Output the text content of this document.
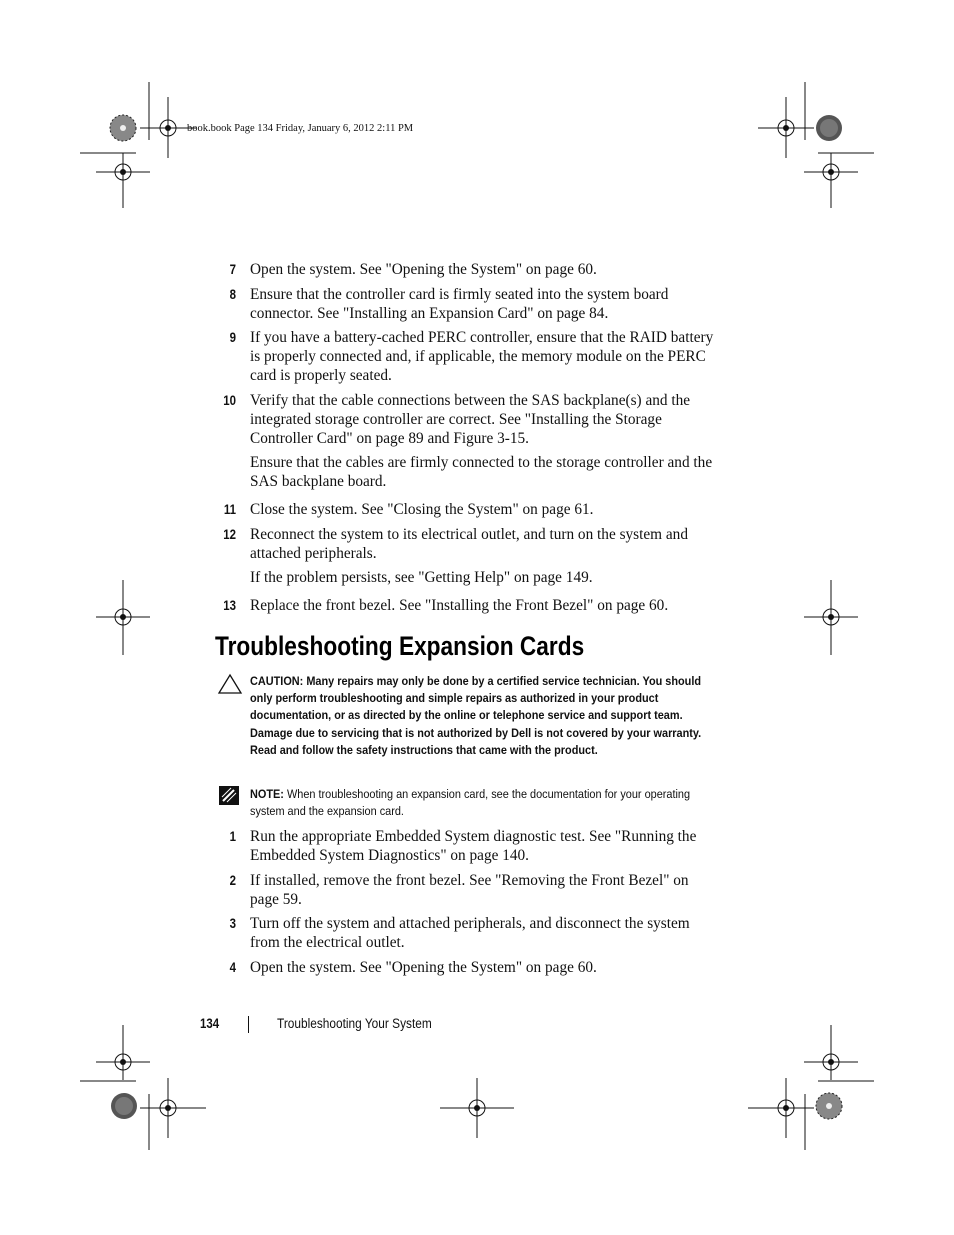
book.book Page 134 Friday, January 6, 2012 2:11 PM
7 Open the system. See "Opening the System" on page 60.
8 Ensure that the controller card is firmly seated into the system board connector. See "Installing an Expansion Card" on page 84.
9 If you have a battery-cached PERC controller, ensure that the RAID battery is properly connected and, if applicable, the memory module on the PERC card is properly seated.
10 Verify that the cable connections between the SAS backplane(s) and the integrated storage controller are correct. See "Installing the Storage Controller Card" on page 89 and Figure 3-15.
Ensure that the cables are firmly connected to the storage controller and the SAS backplane board.
11 Close the system. See "Closing the System" on page 61.
12 Reconnect the system to its electrical outlet, and turn on the system and attached peripherals.
If the problem persists, see "Getting Help" on page 149.
13 Replace the front bezel. See "Installing the Front Bezel" on page 60.
Troubleshooting Expansion Cards
CAUTION: Many repairs may only be done by a certified service technician. You should only perform troubleshooting and simple repairs as authorized in your product documentation, or as directed by the online or telephone service and support team. Damage due to servicing that is not authorized by Dell is not covered by your warranty. Read and follow the safety instructions that came with the product.
NOTE: When troubleshooting an expansion card, see the documentation for your operating system and the expansion card.
1 Run the appropriate Embedded System diagnostic test. See "Running the Embedded System Diagnostics" on page 140.
2 If installed, remove the front bezel. See "Removing the Front Bezel" on page 59.
3 Turn off the system and attached peripherals, and disconnect the system from the electrical outlet.
4 Open the system. See "Opening the System" on page 60.
134	Troubleshooting Your System
